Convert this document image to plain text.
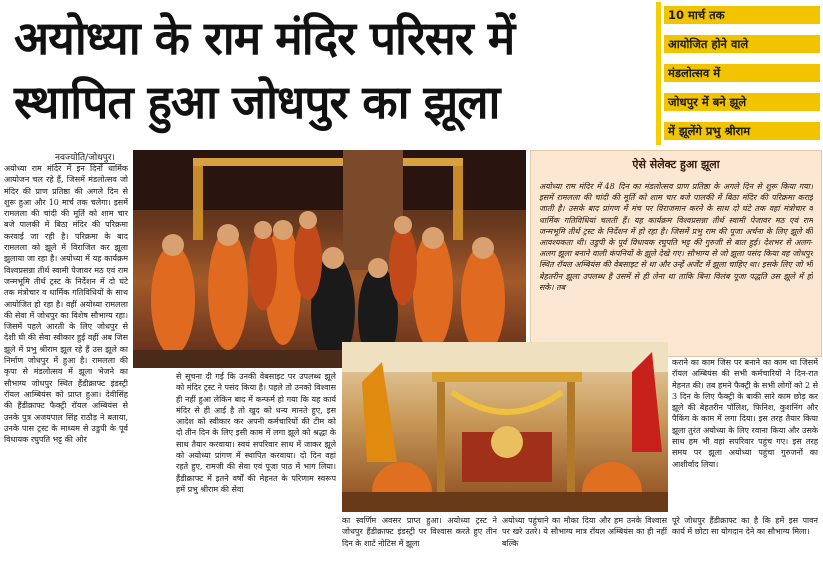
अयोध्या के राम मंदिर परिसर में
स्थापित हुआ जोधपुर का झूला
10 मार्च तक
आयोजित होने वाले
मंडलोत्सव में
जोधपुर में बने झूले
में झूलेंगे प्रभु श्रीराम
नवज्योति/जोधपुर।

अयोध्या राम मंदिर में इन दिनों धार्मिक आयोजन चल रहे हैं, जिसमें मंडलोत्सव जो मंदिर की प्राण प्रतिष्ठा की अगले दिन से शुरू हुआ और 10 मार्च तक चलेगा। इसमें रामलला की चांदी की मूर्ति को शाम चार बजे पालकी में बिठा मंदिर की परिक्रमा करवाई जा रही है। परिक्रमा के बाद रामलला को झूले में विराजित कर झूला झुलाया जा रहा है। अयोध्या में यह कार्यक्रम विश्वप्रसन्ना तीर्थ स्वामी पेजावर मठ एवं राम जन्मभूमि तीर्थ ट्रस्ट के निर्देशन में दो घंटे तक मंत्रोचार व धार्मिक गतिविधियों के साथ आयोजित हो रहा है। वहीं अयोध्या रामलला की सेवा में जोधपुर का विशेष सौभाग्य रहा। जिसमें पहले आरती के लिए जोधपुर से देशी घी की सेवा स्वीकार हुई वहीं अब जिस झूले में प्रभु श्रीराम झूल रहे हैं उस झूले का निर्माण जोधपुर में हुआ है। रामलला की कृपा से मंडलोत्सव में झूला भेजने का सौभाग्य जोधपुर स्थित हैंडीक्राफ्ट इंडस्ट्री रॉयल आम्बियंस को प्राप्त हुआ। देवीसिंह की हैंडीक्राफ्ट फैक्ट्री रॉयल अम्बियंस से उनके पुत्र अजयपाल सिंह राठौड़ ने बताया, उनके पास ट्रस्ट के माध्यम से उडुपी के पूर्व विधायक रघुपति भट्ट की ओर

ऐसे सेलेक्ट हुआ झूला
अयोध्या राम मंदिर में 48 दिन का मंडलोत्सव प्राण प्रतिष्ठा के अगले दिन से शुरू किया गया। इसमें रामलला की चांदी की मूर्ति को शाम चार बजे पालकी में बिठा मंदिर की परिक्रमा कराई जाती है। उसके बाद प्रांगण में मंच पर विराजमान करने के साथ दो घंटे तक वहां मंत्रोचार व धार्मिक गतिविधियां चलती हैं। यह कार्यक्रम विश्वप्रसन्ना तीर्थ स्वामी पेजावर मठ एवं राम जन्मभूमि तीर्थ ट्रस्ट के निर्देशन में हो रहा है। जिसमें प्रभु राम की पूजा अर्चना के लिए झूले की आवश्यकता थी। उडुपी के पूर्व विधायक रघुपति भट्ट की गुरुजी से बात हुई। देशभर से अलग-अलग झूला बनाने वाली कंपनियों के झूले देखे गए। सौभाग्य से जो झूला पसंद किया वह जोधपुर स्थित रॉयल अम्बियंस की वेबसाइट से था और उन्हें अर्जेंट में झूला चाहिए था। इसके लिए जो भी बेहतरीन झूला उपलब्ध है उसमें से ही लेना था ताकि बिना विलंब पूजा पद्धति उस झूले में हो सके। तब

से सूचना दी गई कि उनकी वेबसाइट पर उपलब्ध झूले को मंदिर ट्रस्ट ने पसंद किया है। पहले तो उनको विश्वास ही नहीं हुआ लेकिन बाद में कन्फर्म हो गया कि यह कार्य मंदिर से ही आई है तो खुद को धन्य मानते हुए, इस आदेश को स्वीकार कर अपनी कर्मचारियों की टीम को दो तीन दिन के लिए इसी काम में लगा झूले को श्रद्धा के साथ तैयार करवाया। स्वयं सपरिवार साथ में जाकर झूले को अयोध्या प्रांगण में स्थापित करवाया। दो दिन वहां रहते हुए, रामजी की सेवा एवं पूजा पाठ में भाग लिया। हैंडीक्राफ्ट में इतने वर्षों की मेहनत के परिणाम स्वरूप हमें प्रभु श्रीराम की सेवा

कराने का काम जिस पर बनाने का काम था जिसमें रॉयल अम्बियंस की सभी कर्मचारियों ने दिन-रात मेहनत की। तब हमने फैक्ट्री के सभी लोगों को 2 से 3 दिन के लिए फैक्ट्री के बाकी सारे काम छोड़ कर झूले की बेहतरीन पॉलिश, फिनिश, कुशनिंग और पैकिंग के काम में लगा दिया। इस तरह तैयार किया झूला तुरंत अयोध्या के लिए रवाना किया और उसके साथ हम भी वहां सपरिवार पहुंच गए। इस तरह समय पर झूला अयोध्या पहुंचा गुरुजनों का आशीर्वाद लिया।

का स्वर्णिम अवसर प्राप्त हुआ। अयोध्या ट्रस्ट ने जोधपुर हैंडीक्राफ्ट इंडस्ट्री पर विश्वास करते हुए तीन दिन के शार्ट नोटिस में झूला

अयोध्या पहुंचाने का मौका दिया और हम उनके विश्वास पर खरे उतरे। ये सौभाग्य मात्र रॉयल अम्बियंस का ही नहीं बल्कि

पूरे जोधपुर हैंडीक्राफ्ट का है कि हमें इस पावन कार्य में छोटा सा योगदान देने का सौभाग्य मिला।
